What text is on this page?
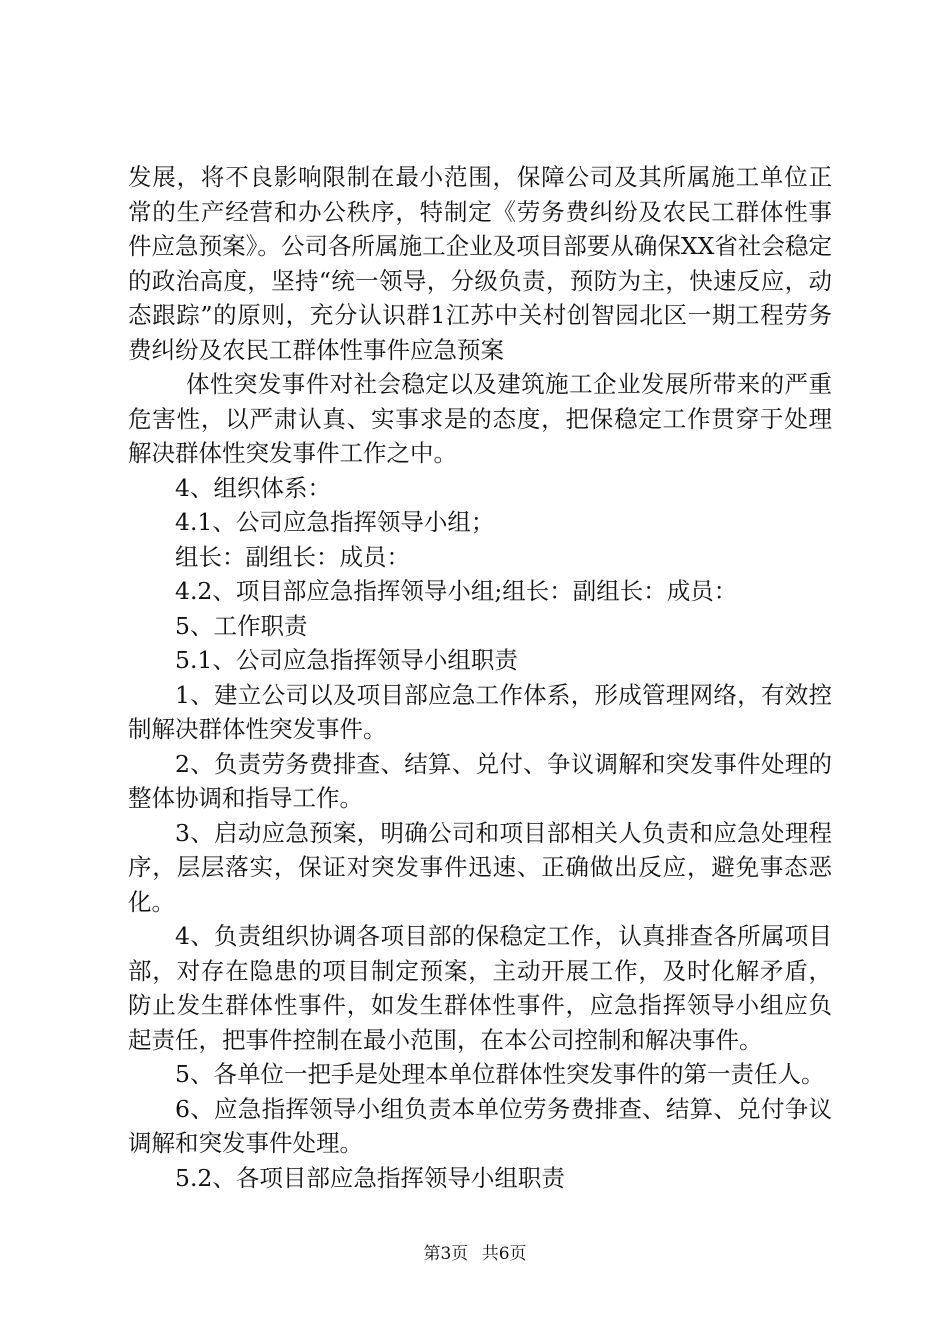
发展，将不良影响限制在最小范围，保障公司及其所属施工单位正常的生产经营和办公秩序，特制定《劳务费纠纷及农民工群体性事件应急预案》。公司各所属施工企业及项目部要从确保XX省社会稳定的政治高度，坚持“统一领导，分级负责，预防为主，快速反应，动态跟踪”的原则，充分认识群1江苏中关村创智园北区一期工程劳务费纠纷及农民工群体性事件应急预案

体性突发事件对社会稳定以及建筑施工企业发展所带来的严重危害性，以严肃认真、实事求是的态度，把保稳定工作贯穿于处理解决群体性突发事件工作之中。

4、组织体系：

4.1、公司应急指挥领导小组；

组长：副组长：成员：

4.2、项目部应急指挥领导小组;组长：副组长：成员：

5、工作职责

5.1、公司应急指挥领导小组职责

1、建立公司以及项目部应急工作体系，形成管理网络，有效控制解决群体性突发事件。

2、负责劳务费排查、结算、兑付、争议调解和突发事件处理的整体协调和指导工作。

3、启动应急预案，明确公司和项目部相关人负责和应急处理程序，层层落实，保证对突发事件迅速、正确做出反应，避免事态恶化。

4、负责组织协调各项目部的保稳定工作，认真排查各所属项目部，对存在隐患的项目制定预案，主动开展工作，及时化解矛盾，防止发生群体性事件，如发生群体性事件，应急指挥领导小组应负起责任，把事件控制在最小范围，在本公司控制和解决事件。

5、各单位一把手是处理本单位群体性突发事件的第一责任人。

6、应急指挥领导小组负责本单位劳务费排查、结算、兑付争议调解和突发事件处理。

5.2、各项目部应急指挥领导小组职责

第3页 共6页
